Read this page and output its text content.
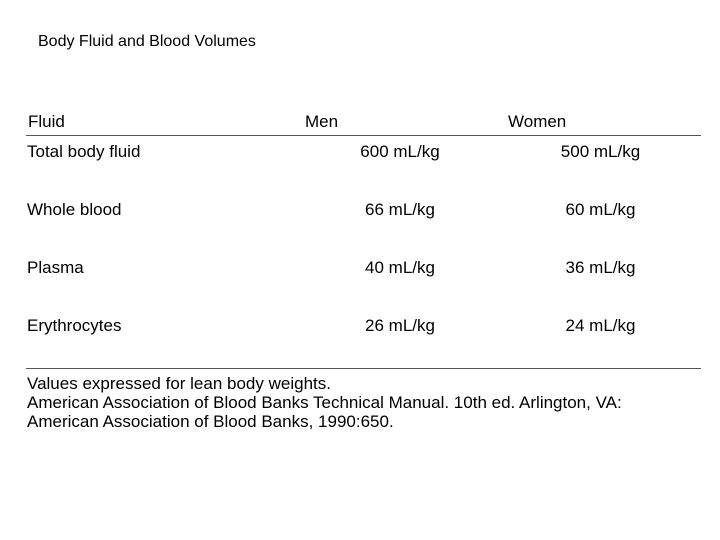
Body Fluid and Blood Volumes
Fluid	Men	Women
Total body fluid	600 mL/kg	500 mL/kg
Whole blood	66 mL/kg	60 mL/kg
Plasma	40 mL/kg	36 mL/kg
Erythrocytes	26 mL/kg	24 mL/kg
Values expressed for lean body weights.
American Association of Blood Banks Technical Manual. 10th ed. Arlington, VA:
American Association of Blood Banks, 1990:650.
